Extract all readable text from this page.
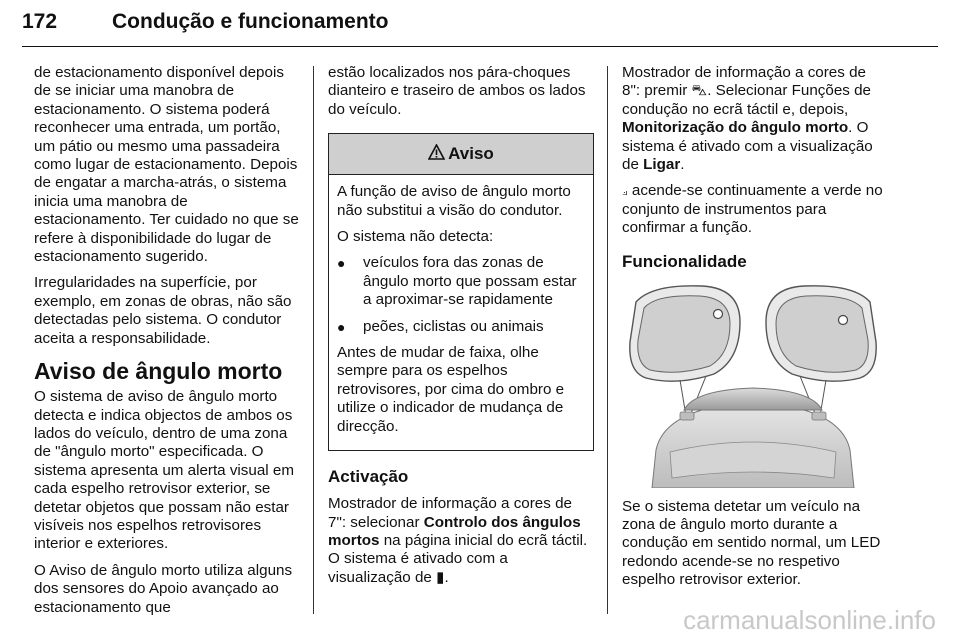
172	Condução e funcionamento

de estacionamento disponível depois de se iniciar uma manobra de estacionamento. O sistema poderá reconhecer uma entrada, um portão, um pátio ou mesmo uma passadeira como lugar de estacionamento. Depois de engatar a marcha-atrás, o sistema inicia uma manobra de estacionamento. Ter cuidado no que se refere à disponibilidade do lugar de estacionamento sugerido.

Irregularidades na superfície, por exemplo, em zonas de obras, não são detectadas pelo sistema. O condutor aceita a responsabilidade.

Aviso de ângulo morto

O sistema de aviso de ângulo morto detecta e indica objectos de ambos os lados do veículo, dentro de uma zona de "ângulo morto" especificada. O sistema apresenta um alerta visual em cada espelho retrovisor exterior, se detetar objetos que possam não estar visíveis nos espelhos retrovisores interior e exteriores.

O Aviso de ângulo morto utiliza alguns dos sensores do Apoio avançado ao estacionamento que

estão localizados nos pára-choques dianteiro e traseiro de ambos os lados do veículo.

Aviso

A função de aviso de ângulo morto não substitui a visão do condutor.

O sistema não detecta:

●	veículos fora das zonas de ângulo morto que possam estar a aproximar-se rapidamente
●	peões, ciclistas ou animais

Antes de mudar de faixa, olhe sempre para os espelhos retrovisores, por cima do ombro e utilize o indicador de mudança de direcção.

Activação

Mostrador de informação a cores de 7": selecionar Controlo dos ângulos mortos na página inicial do ecrã táctil. O sistema é ativado com a visualização de ▮.

Mostrador de informação a cores de 8": premir ⛍. Selecionar Funções de condução no ecrã táctil e, depois, Monitorização do ângulo morto. O sistema é ativado com a visualização de Ligar.

⟓ acende-se continuamente a verde no conjunto de instrumentos para confirmar a função.

Funcionalidade

Se o sistema detetar um veículo na zona de ângulo morto durante a condução em sentido normal, um LED redondo acende-se no respetivo espelho retrovisor exterior.

carmanualsonline.info
